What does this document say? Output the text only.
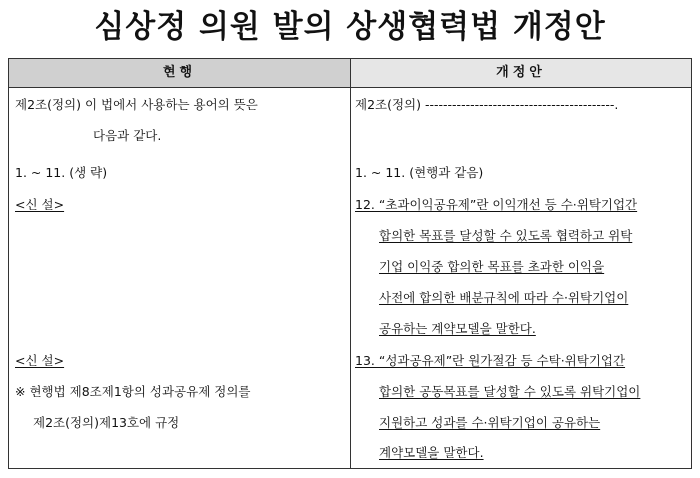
심상정 의원 발의 상생협력법 개정안
현행	개정안
제2조(정의) 이 법에서 사용하는 용어의 뜻은
다음과 같다.
1. ~ 11. (생 략)
<신 설>
<신 설>
※ 현행법 제8조제1항의 성과공유제 정의를
제2조(정의)제13호에 규정
제2조(정의) ------------------------------------------.
1. ~ 11. (현행과 같음)
12. “초과이익공유제”란 이익개선 등 수·위탁기업간
합의한 목표를 달성할 수 있도록 협력하고 위탁
기업 이익중 합의한 목표를 초과한 이익을
사전에 합의한 배분규칙에 따라 수·위탁기업이
공유하는 계약모델을 말한다.
13. “성과공유제”란 원가절감 등 수탁·위탁기업간
합의한 공동목표를 달성할 수 있도록 위탁기업이
지원하고 성과를 수·위탁기업이 공유하는
계약모델을 말한다.
